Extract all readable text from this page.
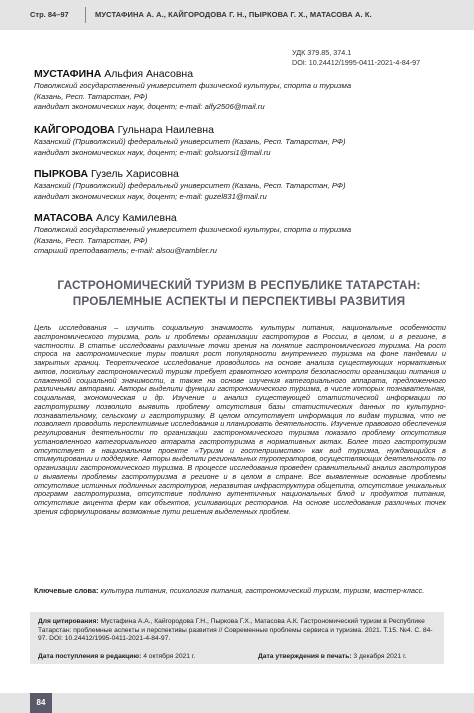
Стр. 84–97	МУСТАФИНА А. А., КАЙГОРОДОВА Г. Н., ПЫРКОВА Г. Х., МАТАСОВА А. К.
УДК 379.85, 374.1
DOI: 10.24412/1995-0411-2021-4-84-97
МУСТАФИНА Альфия Анасовна
Поволжский государственный университет физической культуры, спорта и туризма
(Казань, Респ. Татарстан, РФ)
кандидат экономических наук, доцент; e-mail: alfy2506@mail.ru
КАЙГОРОДОВА Гульнара Наилевна
Казанский (Приволжский) федеральный университет (Казань, Респ. Татарстан, РФ)
кандидат экономических наук, доцент; e-mail: golsuorsi1@mail.ru
ПЫРКОВА Гузель Харисовна
Казанский (Приволжский) федеральный университет (Казань, Респ. Татарстан, РФ)
кандидат экономических наук, доцент; e-mail: guzel831@mail.ru
МАТАСОВА Алсу Камилевна
Поволжский государственный университет физической культуры, спорта и туризма
(Казань, Респ. Татарстан, РФ)
старший преподаватель; e-mail: alsou@rambler.ru
ГАСТРОНОМИЧЕСКИЙ ТУРИЗМ В РЕСПУБЛИКЕ ТАТАРСТАН:
ПРОБЛЕМНЫЕ АСПЕКТЫ И ПЕРСПЕКТИВЫ РАЗВИТИЯ
Цель исследования – изучить социальную значимость культуры питания, национальные особенности гастрономического туризма, роль и проблемы организации гастротуров в России, в целом, и в регионе, в частности. В статье исследованы различные точки зрения на понятие гастрономического туризма. На рост спроса на гастрономические туры повлиял рост популярности внутреннего туризма на фоне пандемии и закрытых границ. Теоретическое исследование проводилось на основе анализа существующих нормативных актов, поскольку гастрономический туризм требует грамотного контроля безопасности организации питания и слаженной социальной значимости, а также на основе изучения категориального аппарата, предложенного различными авторами. Авторы выделили функции гастрономического туризма, в числе которых познавательная, социальная, экономическая и др. Изучение и анализ существующей статистической информации по гастротуризму позволило выявить проблему отсутствия базы статистических данных по культурно-познавательному, сельскому и гастротуризму. В целом отсутствует информация по видам туризма, что не позволяет проводить перспективные исследования и планировать деятельность. Изучение правового обеспечения регулирования деятельности по организации гастрономического туризма показало проблему отсутствия установленного категориального аппарата гастротуризма в нормативных актах. Более того гастротуризм отсутствует в национальном проекте «Туризм и гостеприимство» как вид туризма, нуждающийся в стимулировании и поддержке. Авторы выделили региональных туроператоров, осуществляющих деятельность по организации гастрономического туризма. В процессе исследования проведен сравнительный анализ гастротуров и выявлены проблемы гастротуризма в регионе и в целом в стране. Все выявленные основные проблемы отсутствие истинных подлинных гастротуров, неразвитая инфраструктура общепита, отсутствие уникальных программ гастротуризма, отсутствие подлинно аутентичных национальных блюд и продуктов питания, отсутствие акцента ферм как объектов, усиливающих ресторанов. На основе исследования различных точек зрения сформулированы возможные пути решения выделенных проблем.
Ключевые слова: культура питания, психология питания, гастрономический туризм, туризм, мастер-класс.
Для цитирования: Мустафина А.А., Кайгородова Г.Н., Пыркова Г.Х., Матасова А.К. Гастрономический туризм в Республике Татарстан: проблемные аспекты и перспективы развития // Современные проблемы сервиса и туризма. 2021. Т.15. №4. С. 84-97. DOI: 10.24412/1995-0411-2021-4-84-97.
Дата поступления в редакцию: 4 октября 2021 г.	Дата утверждения в печать: 3 декабря 2021 г.
84
